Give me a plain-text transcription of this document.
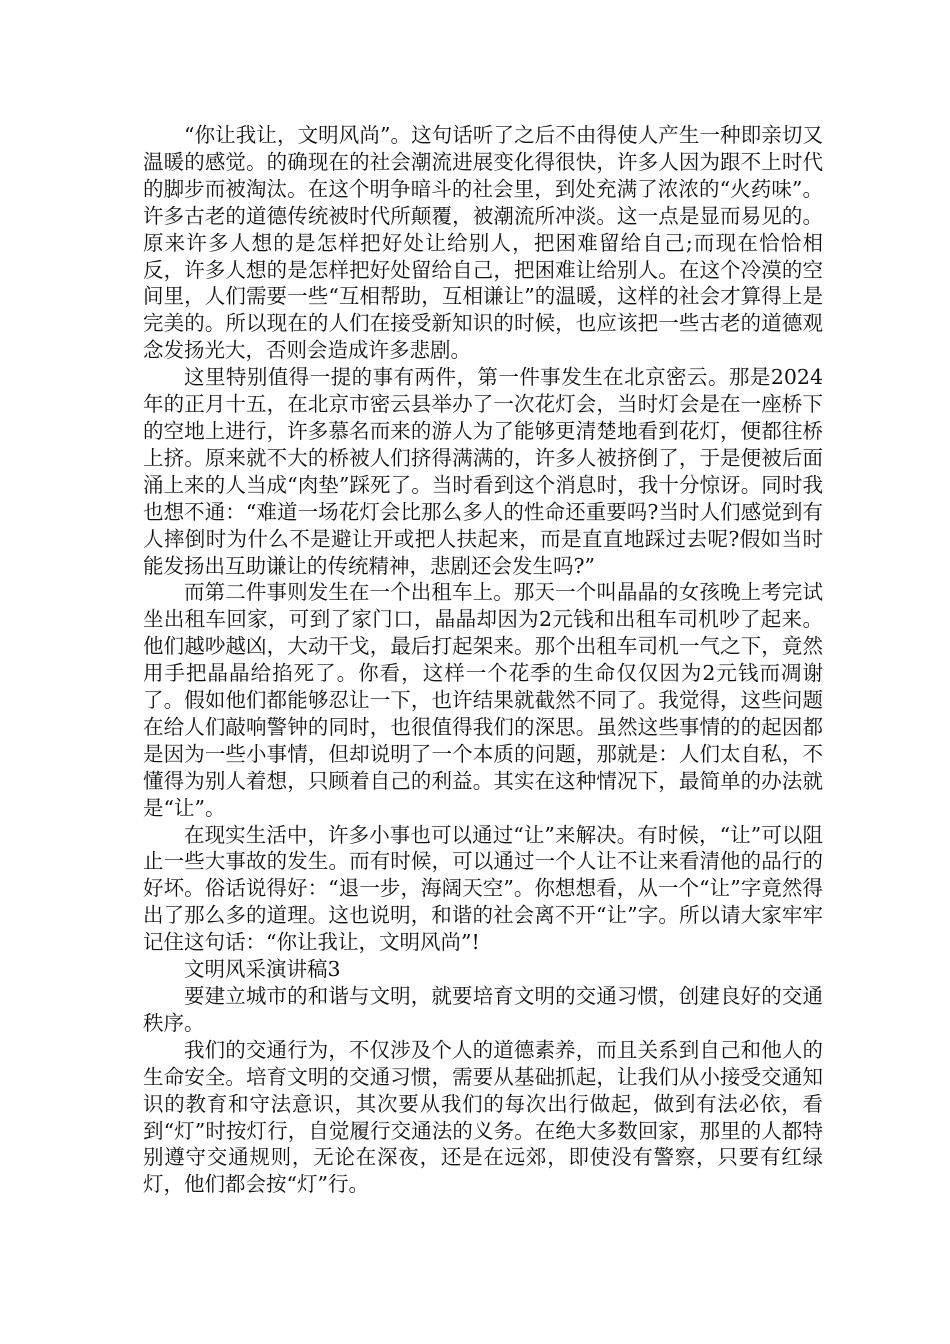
“你让我让，文明风尚”。这句话听了之后不由得使人产生一种即亲切又温暖的感觉。的确现在的社会潮流进展变化得很快，许多人因为跟不上时代的脚步而被淘汰。在这个明争暗斗的社会里，到处充满了浓浓的“火药味”。许多古老的道德传统被时代所颠覆，被潮流所冲淡。这一点是显而易见的。原来许多人想的是怎样把好处让给别人，把困难留给自己;而现在恰恰相反，许多人想的是怎样把好处留给自己，把困难让给别人。在这个冷漠的空间里，人们需要一些“互相帮助，互相谦让”的温暖，这样的社会才算得上是完美的。所以现在的人们在接受新知识的时候，也应该把一些古老的道德观念发扬光大，否则会造成许多悲剧。

这里特别值得一提的事有两件，第一件事发生在北京密云。那是2024年的正月十五，在北京市密云县举办了一次花灯会，当时灯会是在一座桥下的空地上进行，许多慕名而来的游人为了能够更清楚地看到花灯，便都往桥上挤。原来就不大的桥被人们挤得满满的，许多人被挤倒了，于是便被后面涌上来的人当成“肉垫”踩死了。当时看到这个消息时，我十分惊讶。同时我也想不通：“难道一场花灯会比那么多人的性命还重要吗?当时人们感觉到有人摔倒时为什么不是避让开或把人扶起来，而是直直地踩过去呢?假如当时能发扬出互助谦让的传统精神，悲剧还会发生吗?”

而第二件事则发生在一个出租车上。那天一个叫晶晶的女孩晚上考完试坐出租车回家，可到了家门口，晶晶却因为2元钱和出租车司机吵了起来。他们越吵越凶，大动干戈，最后打起架来。那个出租车司机一气之下，竟然用手把晶晶给掐死了。你看，这样一个花季的生命仅仅因为2元钱而凋谢了。假如他们都能够忍让一下，也许结果就截然不同了。我觉得，这些问题在给人们敲响警钟的同时，也很值得我们的深思。虽然这些事情的的起因都是因为一些小事情，但却说明了一个本质的问题，那就是：人们太自私，不懂得为别人着想，只顾着自己的利益。其实在这种情况下，最简单的办法就是“让”。

在现实生活中，许多小事也可以通过“让”来解决。有时候，“让”可以阻止一些大事故的发生。而有时候，可以通过一个人让不让来看清他的品行的好坏。俗话说得好：“退一步，海阔天空”。你想想看，从一个“让”字竟然得出了那么多的道理。这也说明，和谐的社会离不开“让”字。所以请大家牢牢记住这句话：“你让我让，文明风尚”!

文明风采演讲稿3

要建立城市的和谐与文明，就要培育文明的交通习惯，创建良好的交通秩序。

我们的交通行为，不仅涉及个人的道德素养，而且关系到自己和他人的生命安全。培育文明的交通习惯，需要从基础抓起，让我们从小接受交通知识的教育和守法意识，其次要从我们的每次出行做起，做到有法必依，看到“灯”时按灯行，自觉履行交通法的义务。在绝大多数回家，那里的人都特别遵守交通规则，无论在深夜，还是在远郊，即使没有警察，只要有红绿灯，他们都会按“灯”行。
